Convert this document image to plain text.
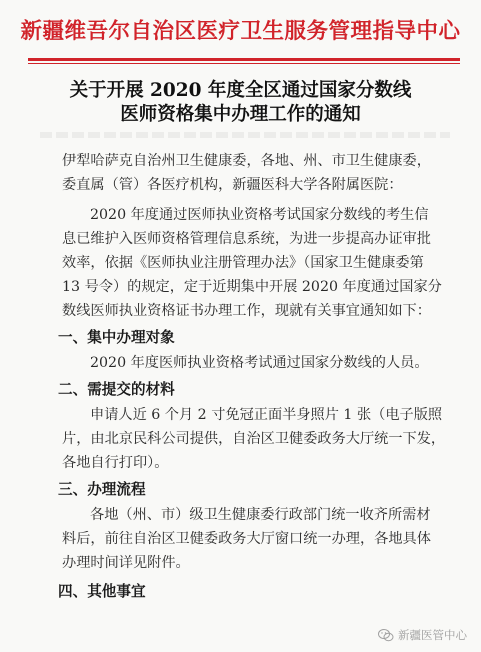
新疆维吾尔自治区医疗卫生服务管理指导中心
关于开展 2020 年度全区通过国家分数线
医师资格集中办理工作的通知
伊犁哈萨克自治州卫生健康委，各地、州、市卫生健康委，
委直属（管）各医疗机构，新疆医科大学各附属医院：
2020 年度通过医师执业资格考试国家分数线的考生信
息已维护入医师资格管理信息系统，为进一步提高办证审批
效率，依据《医师执业注册管理办法》（国家卫生健康委第
13 号令）的规定，定于近期集中开展 2020 年度通过国家分
数线医师执业资格证书办理工作，现就有关事宜通知如下：
一、集中办理对象
2020 年度医师执业资格考试通过国家分数线的人员。
二、需提交的材料
申请人近 6 个月 2 寸免冠正面半身照片 1 张（电子版照
片，由北京民科公司提供，自治区卫健委政务大厅统一下发，
各地自行打印）。
三、办理流程
各地（州、市）级卫生健康委行政部门统一收齐所需材
料后，前往自治区卫健委政务大厅窗口统一办理，各地具体
办理时间详见附件。
四、其他事宜
新疆医管中心
